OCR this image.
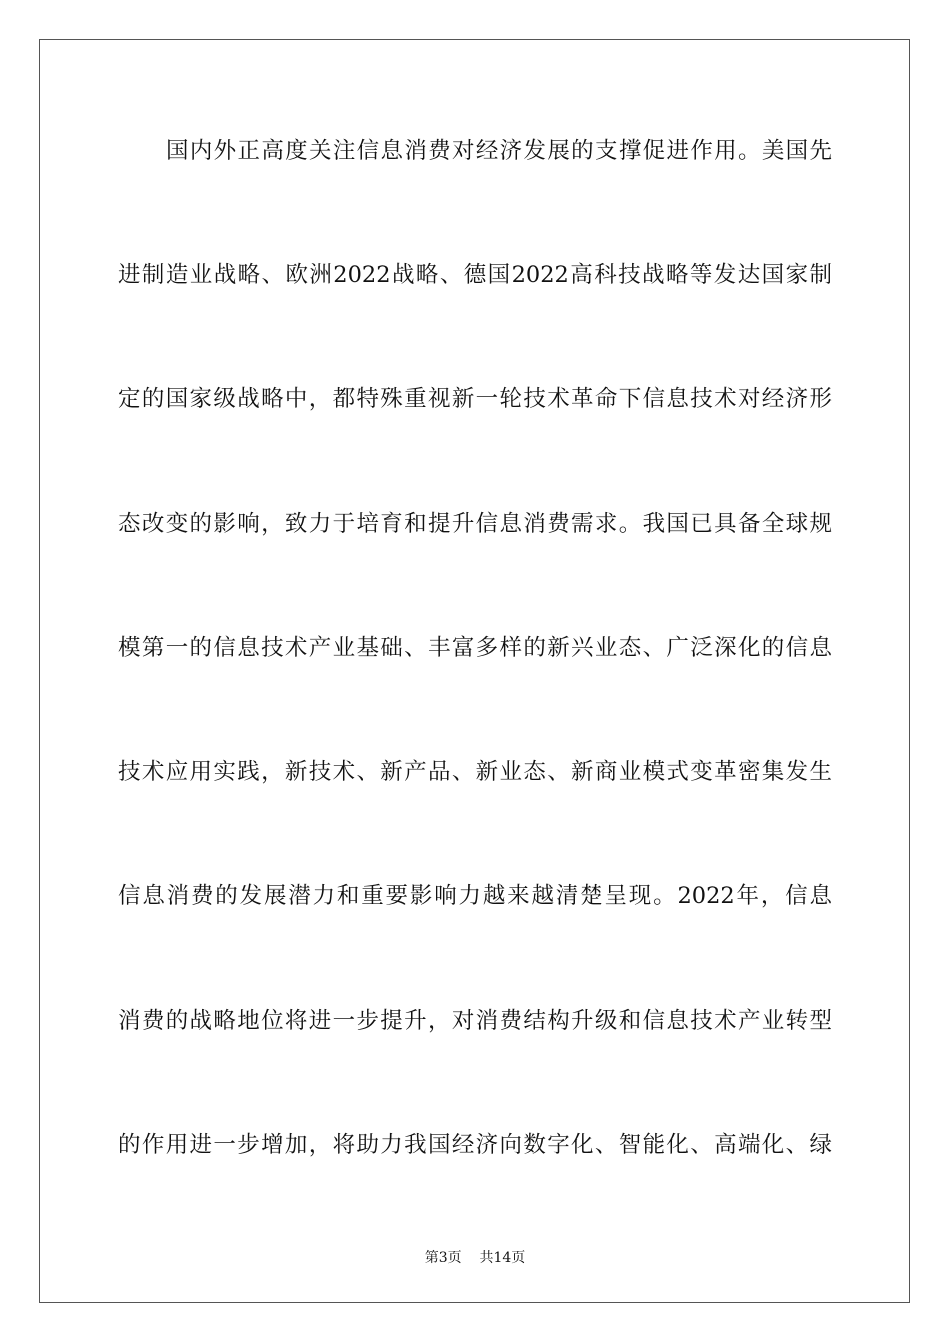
国内外正高度关注信息消费对经济发展的支撑促进作用。美国先
进制造业战略、欧洲2022战略、德国2022高科技战略等发达国家制
定的国家级战略中，都特殊重视新一轮技术革命下信息技术对经济形
态改变的影响，致力于培育和提升信息消费需求。我国已具备全球规
模第一的信息技术产业基础、丰富多样的新兴业态、广泛深化的信息
技术应用实践，新技术、新产品、新业态、新商业模式变革密集发生
信息消费的发展潜力和重要影响力越来越清楚呈现。2022年，信息
消费的战略地位将进一步提升，对消费结构升级和信息技术产业转型
的作用进一步增加，将助力我国经济向数字化、智能化、高端化、绿
第3页    共14页
